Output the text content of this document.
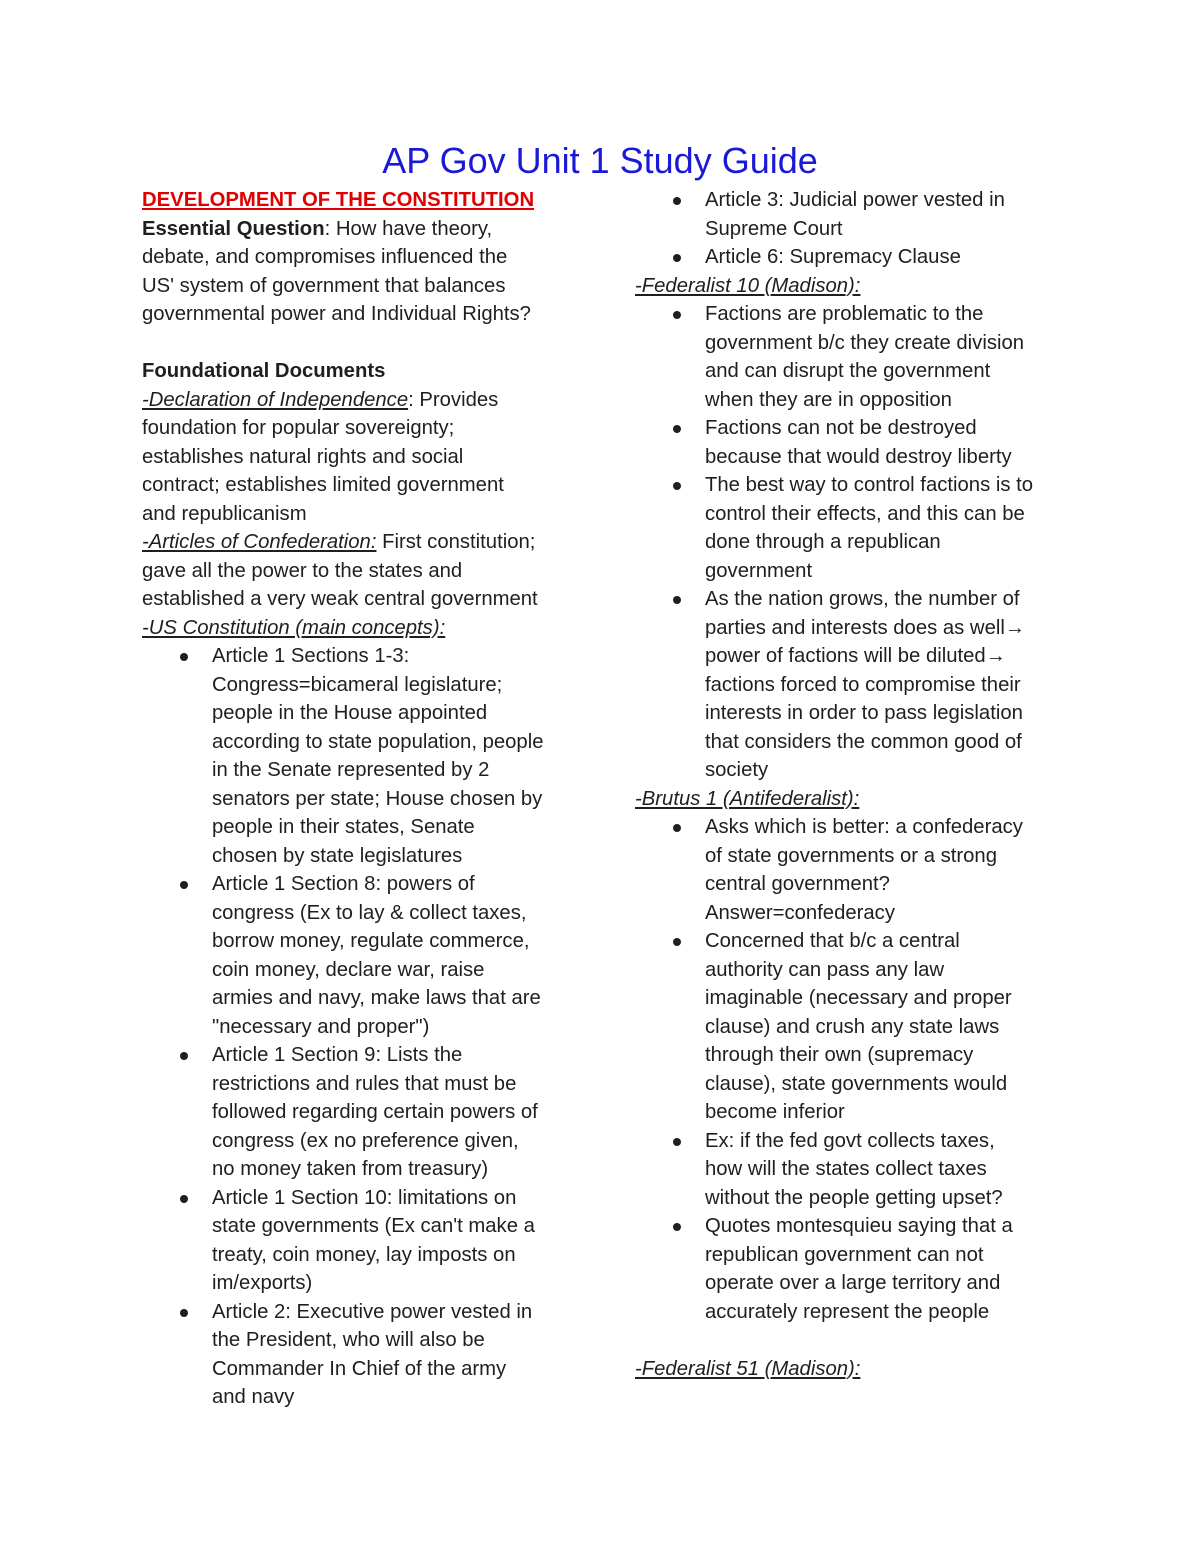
AP Gov Unit 1 Study Guide
DEVELOPMENT OF THE CONSTITUTION
Essential Question: How have theory,
debate, and compromises influenced the
US' system of government that balances
governmental power and Individual Rights?
Foundational Documents
-Declaration of Independence: Provides
foundation for popular sovereignty;
establishes natural rights and social
contract; establishes limited government
and republicanism
-Articles of Confederation: First constitution;
gave all the power to the states and
established a very weak central government
-US Constitution (main concepts):
Article 1 Sections 1-3:
Congress=bicameral legislature;
people in the House appointed
according to state population, people
in the Senate represented by 2
senators per state; House chosen by
people in their states, Senate
chosen by state legislatures
Article 1 Section 8: powers of
congress (Ex to lay & collect taxes,
borrow money, regulate commerce,
coin money, declare war, raise
armies and navy, make laws that are
"necessary and proper")
Article 1 Section 9: Lists the
restrictions and rules that must be
followed regarding certain powers of
congress (ex no preference given,
no money taken from treasury)
Article 1 Section 10: limitations on
state governments (Ex can't make a
treaty, coin money, lay imposts on
im/exports)
Article 2: Executive power vested in
the President, who will also be
Commander In Chief of the army
and navy
Article 3: Judicial power vested in
Supreme Court
Article 6: Supremacy Clause
-Federalist 10 (Madison):
Factions are problematic to the
government b/c they create division
and can disrupt the government
when they are in opposition
Factions can not be destroyed
because that would destroy liberty
The best way to control factions is to
control their effects, and this can be
done through a republican
government
As the nation grows, the number of
parties and interests does as well→
power of factions will be diluted→
factions forced to compromise their
interests in order to pass legislation
that considers the common good of
society
-Brutus 1 (Antifederalist):
Asks which is better: a confederacy
of state governments or a strong
central government?
Answer=confederacy
Concerned that b/c a central
authority can pass any law
imaginable (necessary and proper
clause) and crush any state laws
through their own (supremacy
clause), state governments would
become inferior
Ex: if the fed govt collects taxes,
how will the states collect taxes
without the people getting upset?
Quotes montesquieu saying that a
republican government can not
operate over a large territory and
accurately represent the people
-Federalist 51 (Madison):
